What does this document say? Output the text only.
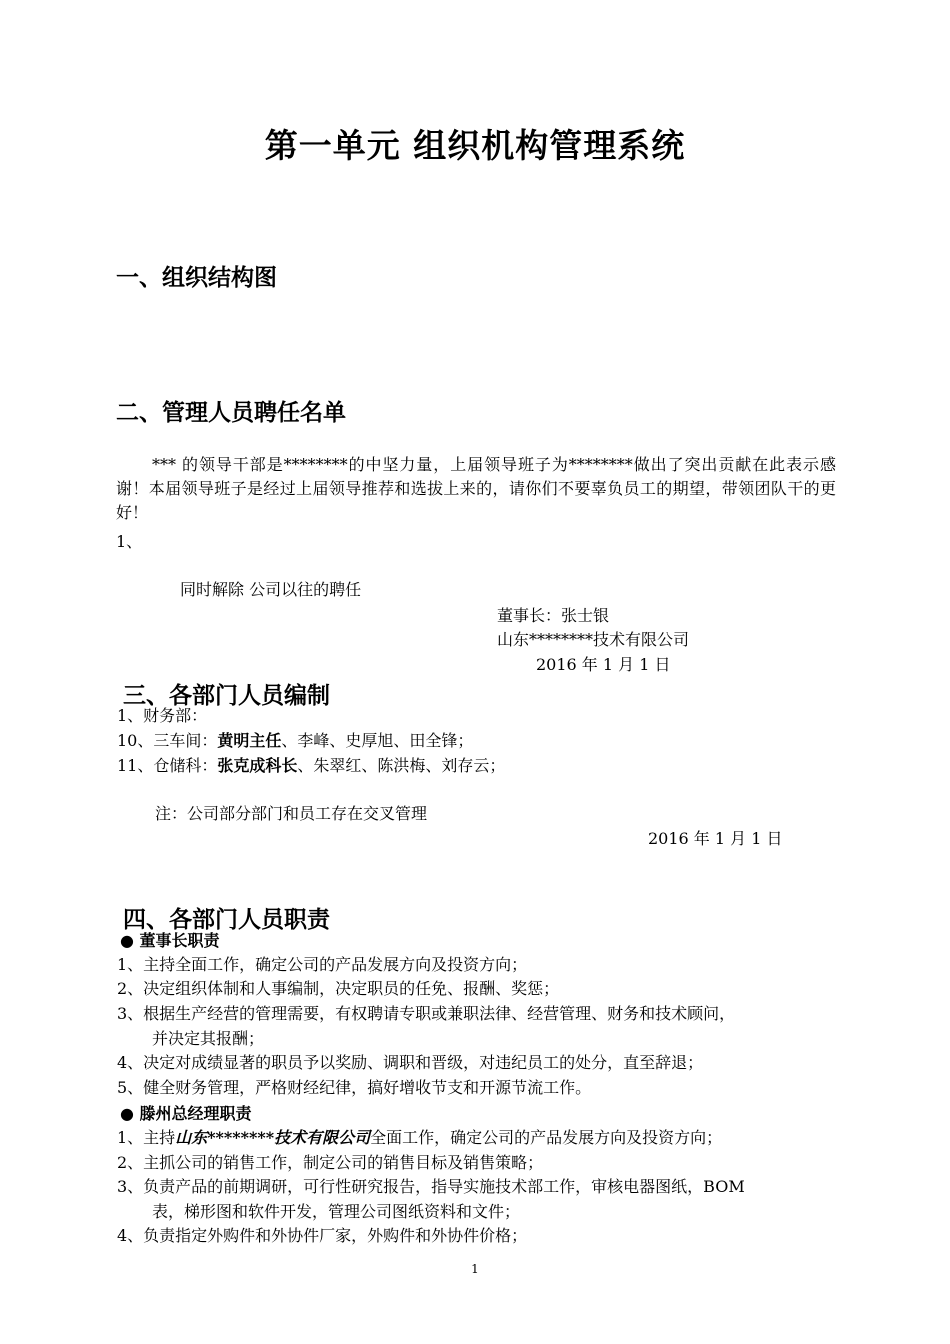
第一单元 组织机构管理系统
一、组织结构图
二、管理人员聘任名单
*** 的领导干部是********的中坚力量，上届领导班子为********做出了突出贡献在此表示感谢！本届领导班子是经过上届领导推荐和选拔上来的，请你们不要辜负员工的期望，带领团队干的更好！
1、
同时解除 公司以往的聘任
董事长：张士银
山东********技术有限公司
2016 年 1 月 1 日
三、各部门人员编制
1、财务部：
10、三车间：黄明主任、李峰、史厚旭、田全锋；
11、仓储科：张克成科长、朱翠红、陈洪梅、刘存云；
注：公司部分部门和员工存在交叉管理
2016 年 1 月 1 日
四、各部门人员职责
● 董事长职责
1、主持全面工作，确定公司的产品发展方向及投资方向；
2、决定组织体制和人事编制，决定职员的任免、报酬、奖惩；
3、根据生产经营的管理需要，有权聘请专职或兼职法律、经营管理、财务和技术顾问，
并决定其报酬；
4、决定对成绩显著的职员予以奖励、调职和晋级，对违纪员工的处分，直至辞退；
5、健全财务管理，严格财经纪律，搞好增收节支和开源节流工作。
● 滕州总经理职责
1、主持山东********技术有限公司全面工作，确定公司的产品发展方向及投资方向；
2、主抓公司的销售工作，制定公司的销售目标及销售策略；
3、负责产品的前期调研，可行性研究报告，指导实施技术部工作，审核电器图纸，BOM
表，梯形图和软件开发，管理公司图纸资料和文件；
4、负责指定外购件和外协件厂家，外购件和外协件价格；
1
